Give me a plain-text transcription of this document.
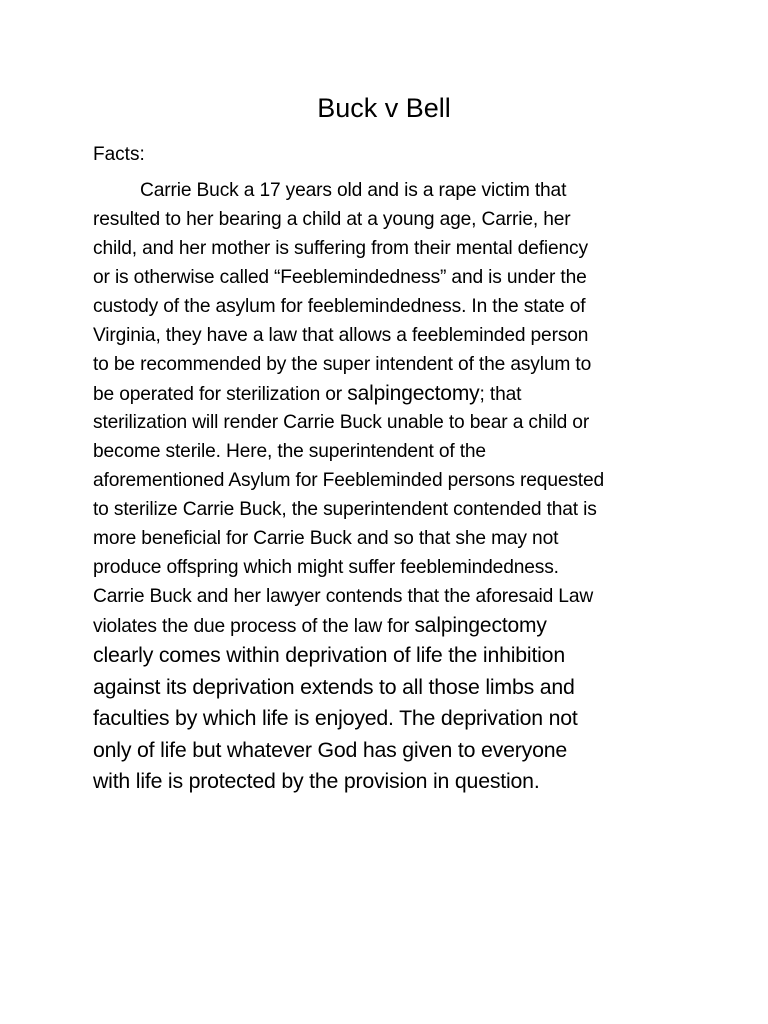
Buck v Bell

Facts:

Carrie Buck a 17 years old and is a rape victim that
resulted to her bearing a child at a young age, Carrie, her
child, and her mother is suffering from their mental defiency
or is otherwise called “Feeblemindedness” and is under the
custody of the asylum for feeblemindedness. In the state of
Virginia, they have a law that allows a feebleminded person
to be recommended by the super intendent of the asylum to
be operated for sterilization or salpingectomy; that
sterilization will render Carrie Buck unable to bear a child or
become sterile. Here, the superintendent of the
aforementioned Asylum for Feebleminded persons requested
to sterilize Carrie Buck, the superintendent contended that is
more beneficial for Carrie Buck and so that she may not
produce offspring which might suffer feeblemindedness.
Carrie Buck and her lawyer contends that the aforesaid Law
violates the due process of the law for salpingectomy
clearly comes within deprivation of life the inhibition
against its deprivation extends to all those limbs and
faculties by which life is enjoyed. The deprivation not
only of life but whatever God has given to everyone
with life is protected by the provision in question.
